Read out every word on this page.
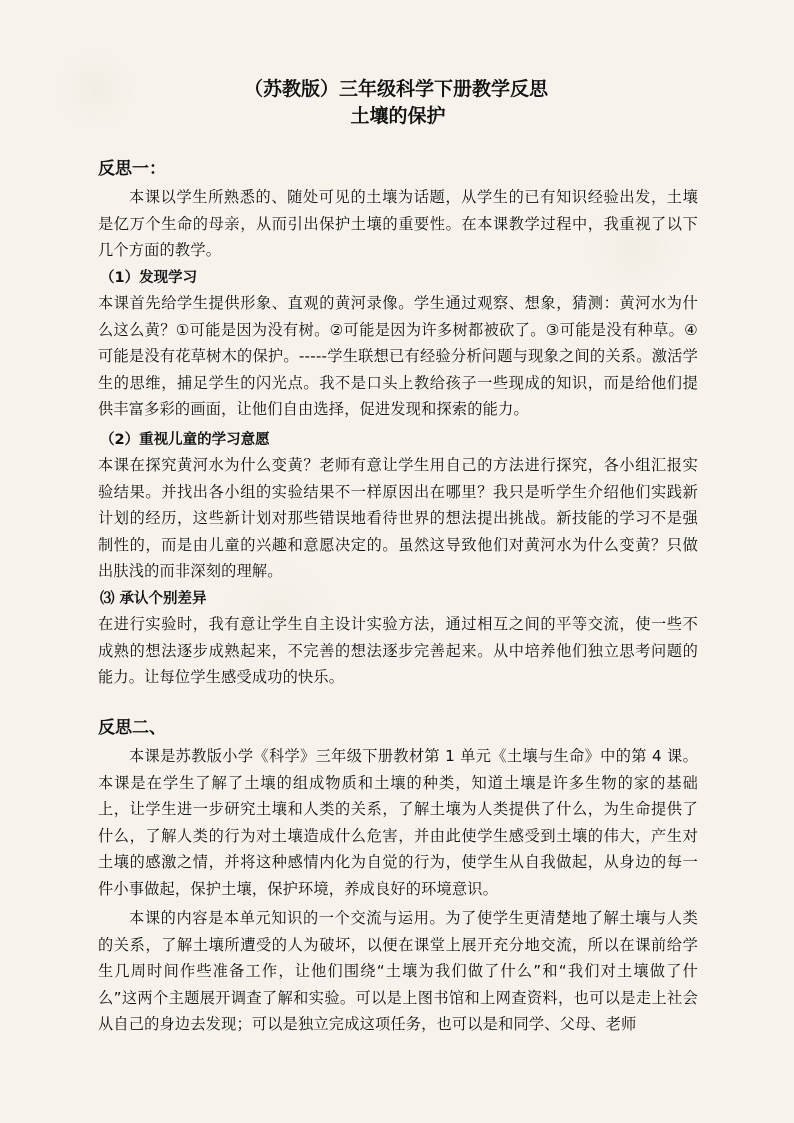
（苏教版）三年级科学下册教学反思
土壤的保护
反思一：

本课以学生所熟悉的、随处可见的土壤为话题，从学生的已有知识经验出发，土壤是亿万个生命的母亲，从而引出保护土壤的重要性。在本课教学过程中，我重视了以下几个方面的教学。

（1）发现学习

本课首先给学生提供形象、直观的黄河录像。学生通过观察、想象，猜测：黄河水为什么这么黄？①可能是因为没有树。②可能是因为许多树都被砍了。③可能是没有种草。④可能是没有花草树木的保护。-----学生联想已有经验分析问题与现象之间的关系。激活学生的思维，捕足学生的闪光点。我不是口头上教给孩子一些现成的知识，而是给他们提供丰富多彩的画面，让他们自由选择，促进发现和探索的能力。

（2）重视儿童的学习意愿

本课在探究黄河水为什么变黄？老师有意让学生用自己的方法进行探究，各小组汇报实验结果。并找出各小组的实验结果不一样原因出在哪里？我只是听学生介绍他们实践新计划的经历，这些新计划对那些错误地看待世界的想法提出挑战。新技能的学习不是强制性的，而是由儿童的兴趣和意愿决定的。虽然这导致他们对黄河水为什么变黄？只做出肤浅的而非深刻的理解。

⑶ 承认个别差异

在进行实验时，我有意让学生自主设计实验方法，通过相互之间的平等交流，使一些不成熟的想法逐步成熟起来，不完善的想法逐步完善起来。从中培养他们独立思考问题的能力。让每位学生感受成功的快乐。

反思二、

本课是苏教版小学《科学》三年级下册教材第 1 单元《土壤与生命》中的第 4 课。本课是在学生了解了土壤的组成物质和土壤的种类，知道土壤是许多生物的家的基础上，让学生进一步研究土壤和人类的关系，了解土壤为人类提供了什么，为生命提供了什么，了解人类的行为对土壤造成什么危害，并由此使学生感受到土壤的伟大，产生对土壤的感激之情，并将这种感情内化为自觉的行为，使学生从自我做起，从身边的每一件小事做起，保护土壤，保护环境，养成良好的环境意识。

本课的内容是本单元知识的一个交流与运用。为了使学生更清楚地了解土壤与人类的关系，了解土壤所遭受的人为破坏，以便在课堂上展开充分地交流，所以在课前给学生几周时间作些准备工作，让他们围绕“土壤为我们做了什么”和“我们对土壤做了什么”这两个主题展开调查了解和实验。可以是上图书馆和上网查资料，也可以是走上社会从自己的身边去发现；可以是独立完成这项任务，也可以是和同学、父母、老师
